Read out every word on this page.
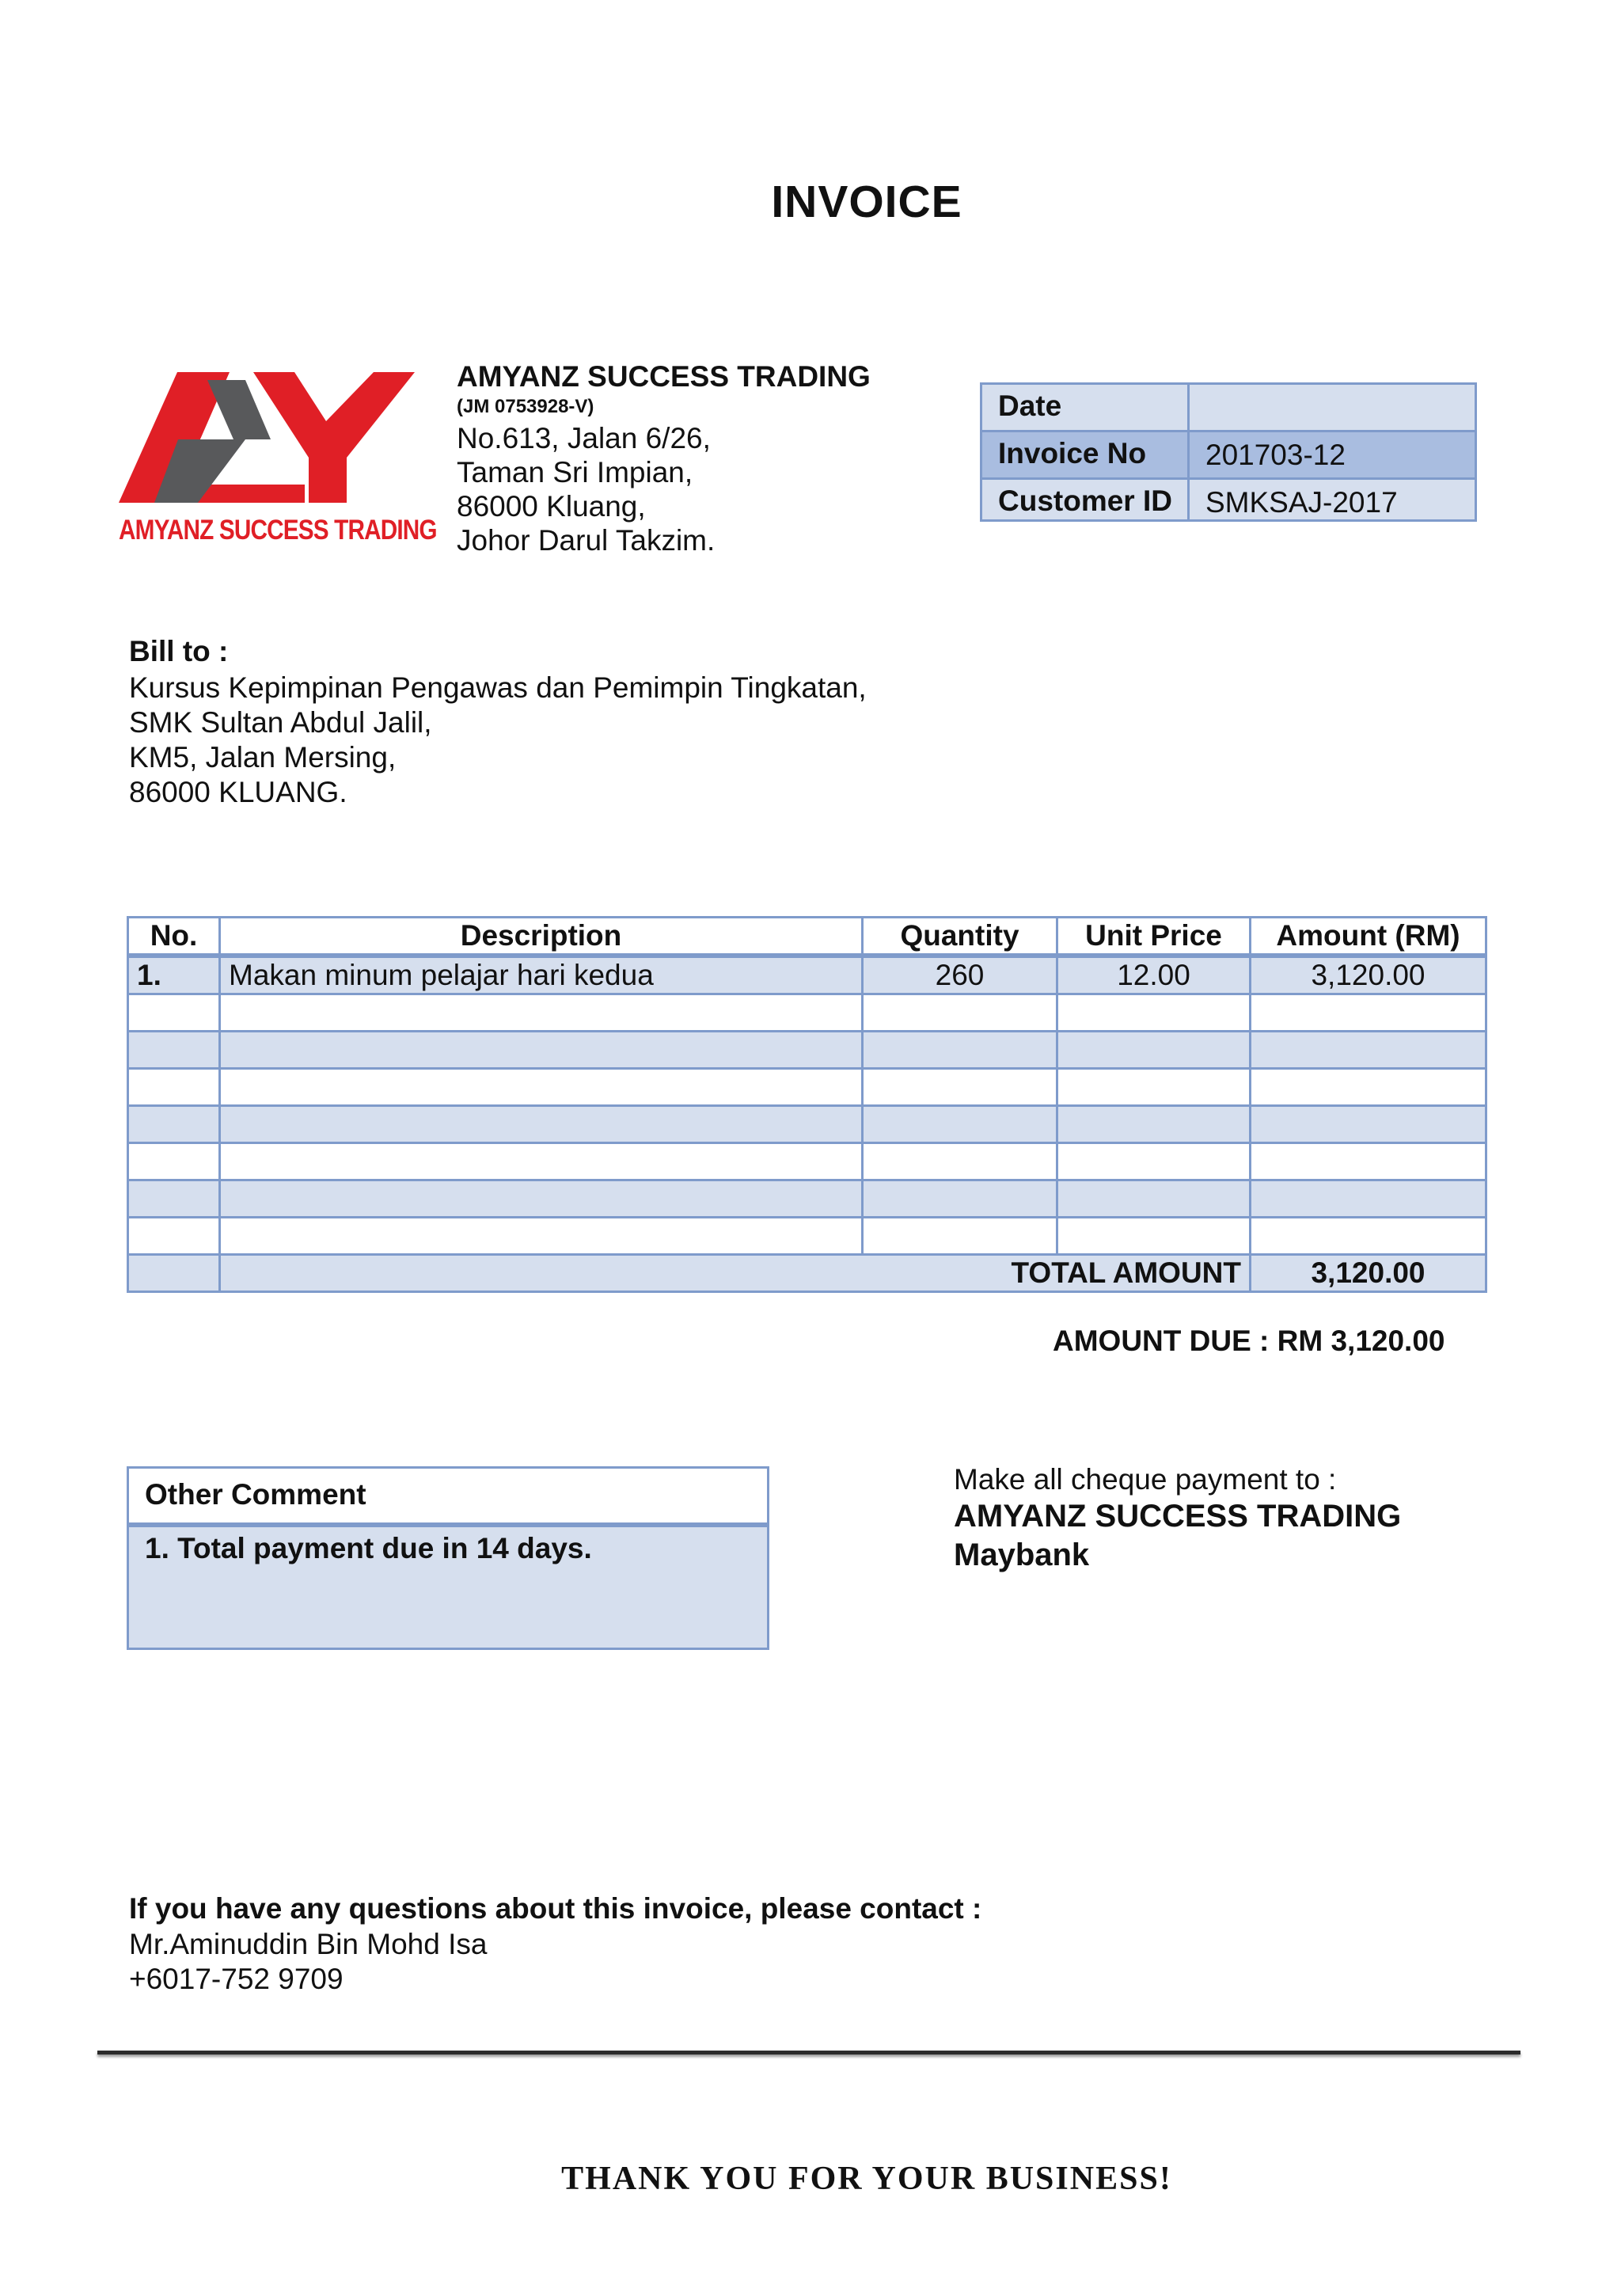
INVOICE
AMYANZ SUCCESS TRADING
AMYANZ SUCCESS TRADING
(JM 0753928-V)
No.613, Jalan 6/26,
Taman Sri Impian,
86000 Kluang,
Johor Darul Takzim.
Date
Invoice No	201703-12
Customer ID	SMKSAJ-2017
Bill to :
Kursus Kepimpinan Pengawas dan Pemimpin Tingkatan,
SMK Sultan Abdul Jalil,
KM5, Jalan Mersing,
86000 KLUANG.
No.	Description	Quantity	Unit Price	Amount (RM)
1.	Makan minum pelajar hari kedua	260	12.00	3,120.00

	TOTAL AMOUNT			3,120.00
AMOUNT DUE : RM 3,120.00
Other Comment
1. Total payment due in 14 days.
Make all cheque payment to :
AMYANZ SUCCESS TRADING
Maybank
If you have any questions about this invoice, please contact :
Mr.Aminuddin Bin Mohd Isa
+6017-752 9709
THANK YOU FOR YOUR BUSINESS!
